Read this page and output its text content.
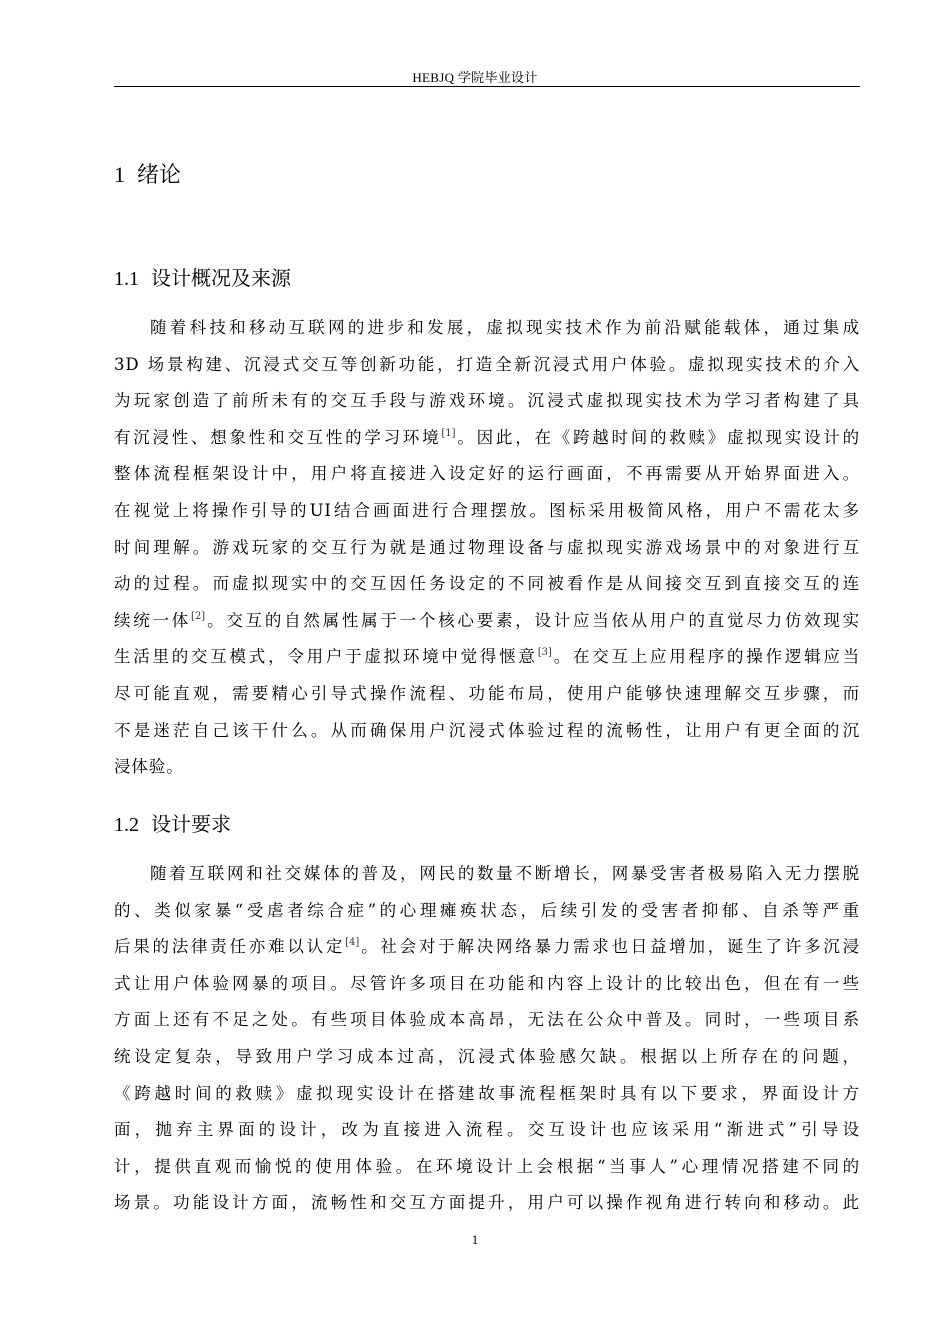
HEBJQ 学院毕业设计
1 绪论
1.1 设计概况及来源
随着科技和移动互联网的进步和发展，虚拟现实技术作为前沿赋能载体，通过集成
3D 场景构建、沉浸式交互等创新功能，打造全新沉浸式用户体验。虚拟现实技术的介入
为玩家创造了前所未有的交互手段与游戏环境。沉浸式虚拟现实技术为学习者构建了具
有沉浸性、想象性和交互性的学习环境[1]。因此，在《跨越时间的救赎》虚拟现实设计的
整体流程框架设计中，用户将直接进入设定好的运行画面，不再需要从开始界面进入。
在视觉上将操作引导的UI结合画面进行合理摆放。图标采用极简风格，用户不需花太多
时间理解。游戏玩家的交互行为就是通过物理设备与虚拟现实游戏场景中的对象进行互
动的过程。而虚拟现实中的交互因任务设定的不同被看作是从间接交互到直接交互的连
续统一体[2]。交互的自然属性属于一个核心要素，设计应当依从用户的直觉尽力仿效现实
生活里的交互模式，令用户于虚拟环境中觉得惬意[3]。在交互上应用程序的操作逻辑应当
尽可能直观，需要精心引导式操作流程、功能布局，使用户能够快速理解交互步骤，而
不是迷茫自己该干什么。从而确保用户沉浸式体验过程的流畅性，让用户有更全面的沉
浸体验。
1.2 设计要求
随着互联网和社交媒体的普及，网民的数量不断增长，网暴受害者极易陷入无力摆脱
的、类似家暴“受虐者综合症”的心理瘫痪状态，后续引发的受害者抑郁、自杀等严重
后果的法律责任亦难以认定[4]。社会对于解决网络暴力需求也日益增加，诞生了许多沉浸
式让用户体验网暴的项目。尽管许多项目在功能和内容上设计的比较出色，但在有一些
方面上还有不足之处。有些项目体验成本高昂，无法在公众中普及。同时，一些项目系
统设定复杂，导致用户学习成本过高，沉浸式体验感欠缺。根据以上所存在的问题，
《跨越时间的救赎》虚拟现实设计在搭建故事流程框架时具有以下要求，界面设计方
面，抛弃主界面的设计，改为直接进入流程。交互设计也应该采用“渐进式”引导设
计，提供直观而愉悦的使用体验。在环境设计上会根据“当事人”心理情况搭建不同的
场景。功能设计方面，流畅性和交互方面提升，用户可以操作视角进行转向和移动。此
1
